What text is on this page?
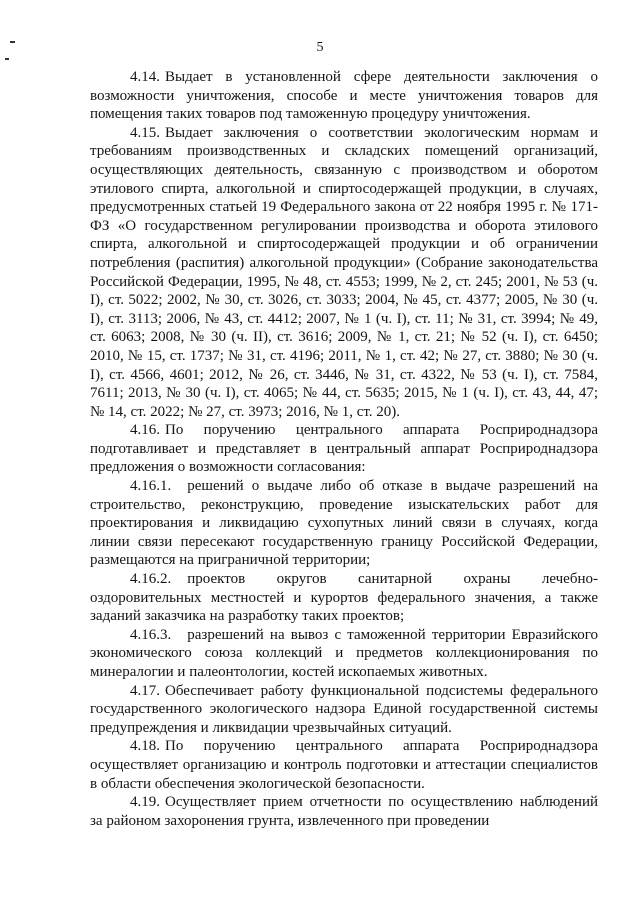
5

4.14. Выдает в установленной сфере деятельности заключения о возможности уничтожения, способе и месте уничтожения товаров для помещения таких товаров под таможенную процедуру уничтожения.

4.15. Выдает заключения о соответствии экологическим нормам и требованиям производственных и складских помещений организаций, осуществляющих деятельность, связанную с производством и оборотом этилового спирта, алкогольной и спиртосодержащей продукции, в случаях, предусмотренных статьей 19 Федерального закона от 22 ноября 1995 г. № 171-ФЗ «О государственном регулировании производства и оборота этилового спирта, алкогольной и спиртосодержащей продукции и об ограничении потребления (распития) алкогольной продукции» (Собрание законодательства Российской Федерации, 1995, № 48, ст. 4553; 1999, № 2, ст. 245; 2001, № 53 (ч. I), ст. 5022; 2002, № 30, ст. 3026, ст. 3033; 2004, № 45, ст. 4377; 2005, № 30 (ч. I), ст. 3113; 2006, № 43, ст. 4412; 2007, № 1 (ч. I), ст. 11; № 31, ст. 3994; № 49, ст. 6063; 2008, № 30 (ч. II), ст. 3616; 2009, № 1, ст. 21; № 52 (ч. I), ст. 6450; 2010, № 15, ст. 1737; № 31, ст. 4196; 2011, № 1, ст. 42; № 27, ст. 3880; № 30 (ч. I), ст. 4566, 4601; 2012, № 26, ст. 3446, № 31, ст. 4322, № 53 (ч. I), ст. 7584, 7611; 2013, № 30 (ч. I), ст. 4065; № 44, ст. 5635; 2015, № 1 (ч. I), ст. 43, 44, 47; № 14, ст. 2022; № 27, ст. 3973; 2016, № 1, ст. 20).

4.16. По поручению центрального аппарата Росприроднадзора подготавливает и представляет в центральный аппарат Росприроднадзора предложения о возможности согласования:

4.16.1. решений о выдаче либо об отказе в выдаче разрешений на строительство, реконструкцию, проведение изыскательских работ для проектирования и ликвидацию сухопутных линий связи в случаях, когда линии связи пересекают государственную границу Российской Федерации, размещаются на приграничной территории;

4.16.2. проектов округов санитарной охраны лечебно-оздоровительных местностей и курортов федерального значения, а также заданий заказчика на разработку таких проектов;

4.16.3. разрешений на вывоз с таможенной территории Евразийского экономического союза коллекций и предметов коллекционирования по минералогии и палеонтологии, костей ископаемых животных.

4.17. Обеспечивает работу функциональной подсистемы федерального государственного экологического надзора Единой государственной системы предупреждения и ликвидации чрезвычайных ситуаций.

4.18. По поручению центрального аппарата Росприроднадзора осуществляет организацию и контроль подготовки и аттестации специалистов в области обеспечения экологической безопасности.

4.19. Осуществляет прием отчетности по осуществлению наблюдений за районом захоронения грунта, извлеченного при проведении
